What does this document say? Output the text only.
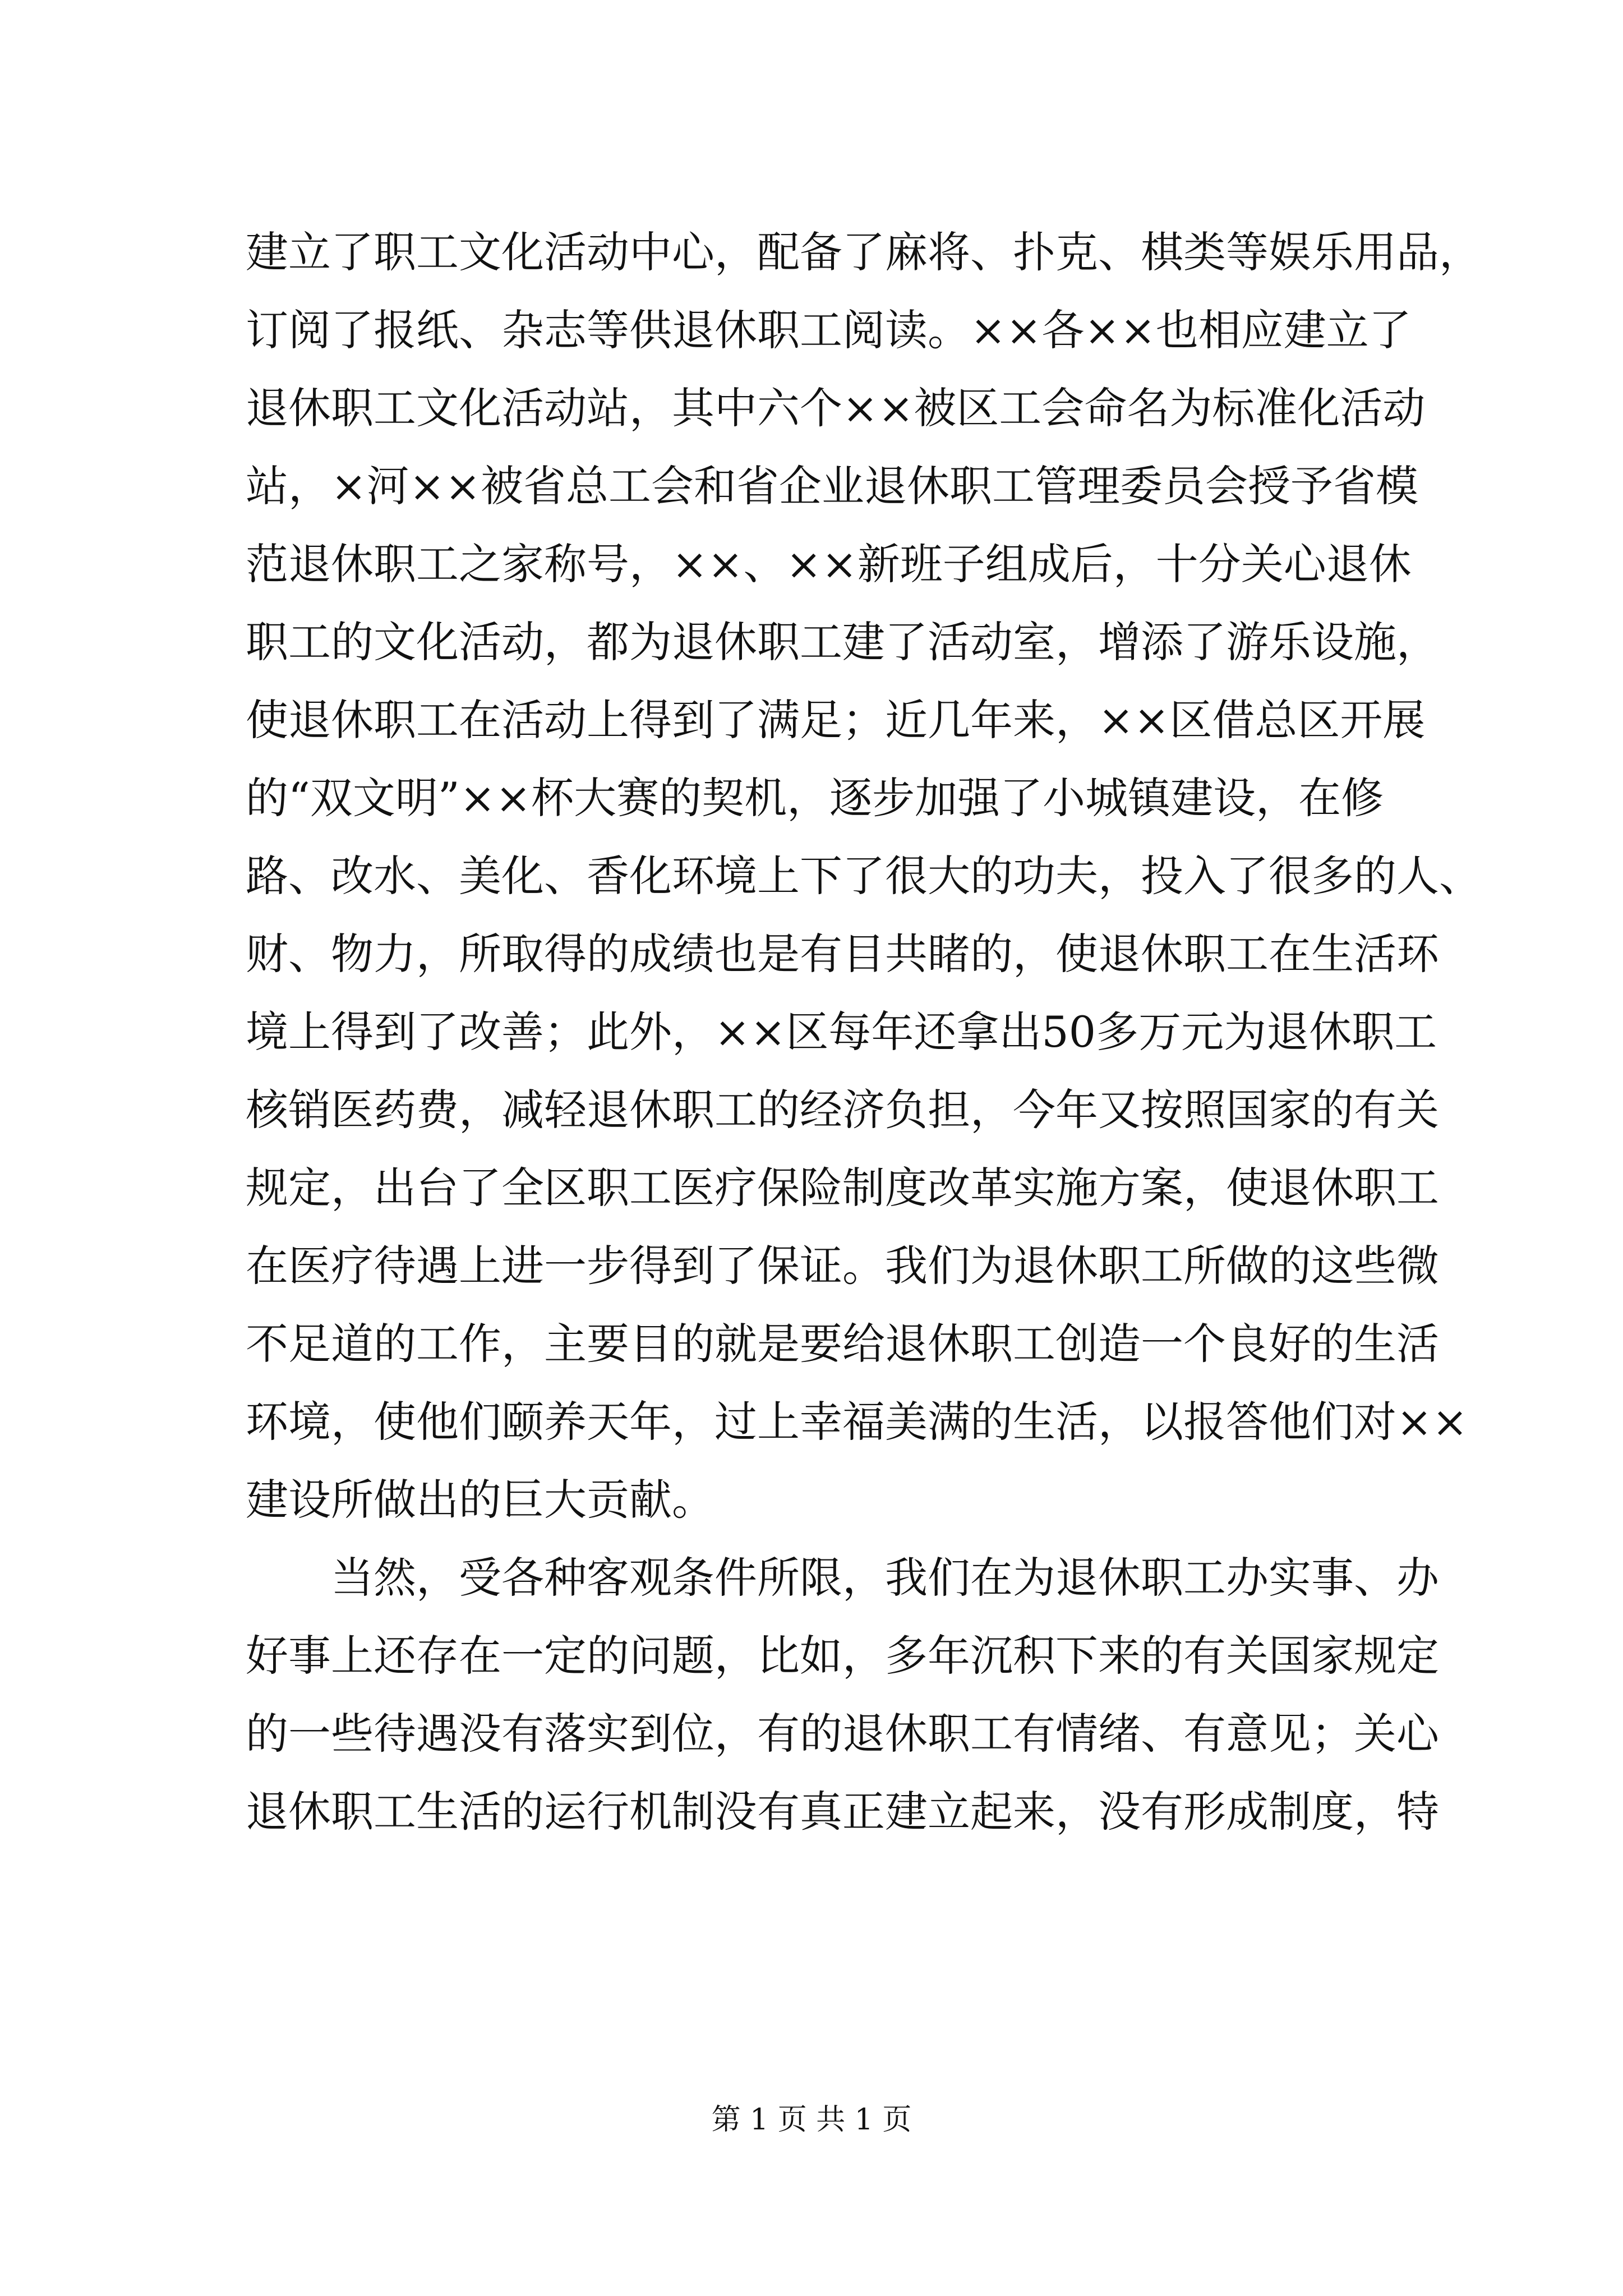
建立了职工文化活动中心，配备了麻将、扑克、棋类等娱乐用品，
订阅了报纸、杂志等供退休职工阅读。××各××也相应建立了
退休职工文化活动站，其中六个××被区工会命名为标准化活动
站，×河××被省总工会和省企业退休职工管理委员会授予省模
范退休职工之家称号，××、××新班子组成后，十分关心退休
职工的文化活动，都为退休职工建了活动室，增添了游乐设施，
使退休职工在活动上得到了满足；近几年来，××区借总区开展
的“双文明”××杯大赛的契机，逐步加强了小城镇建设，在修
路、改水、美化、香化环境上下了很大的功夫，投入了很多的人、
财、物力，所取得的成绩也是有目共睹的，使退休职工在生活环
境上得到了改善；此外，××区每年还拿出50多万元为退休职工
核销医药费，减轻退休职工的经济负担，今年又按照国家的有关
规定，出台了全区职工医疗保险制度改革实施方案，使退休职工
在医疗待遇上进一步得到了保证。我们为退休职工所做的这些微
不足道的工作，主要目的就是要给退休职工创造一个良好的生活
环境，使他们颐养天年，过上幸福美满的生活，以报答他们对××
建设所做出的巨大贡献。
当然，受各种客观条件所限，我们在为退休职工办实事、办
好事上还存在一定的问题，比如，多年沉积下来的有关国家规定
的一些待遇没有落实到位，有的退休职工有情绪、有意见；关心
退休职工生活的运行机制没有真正建立起来，没有形成制度，特
第 1 页 共 1 页
